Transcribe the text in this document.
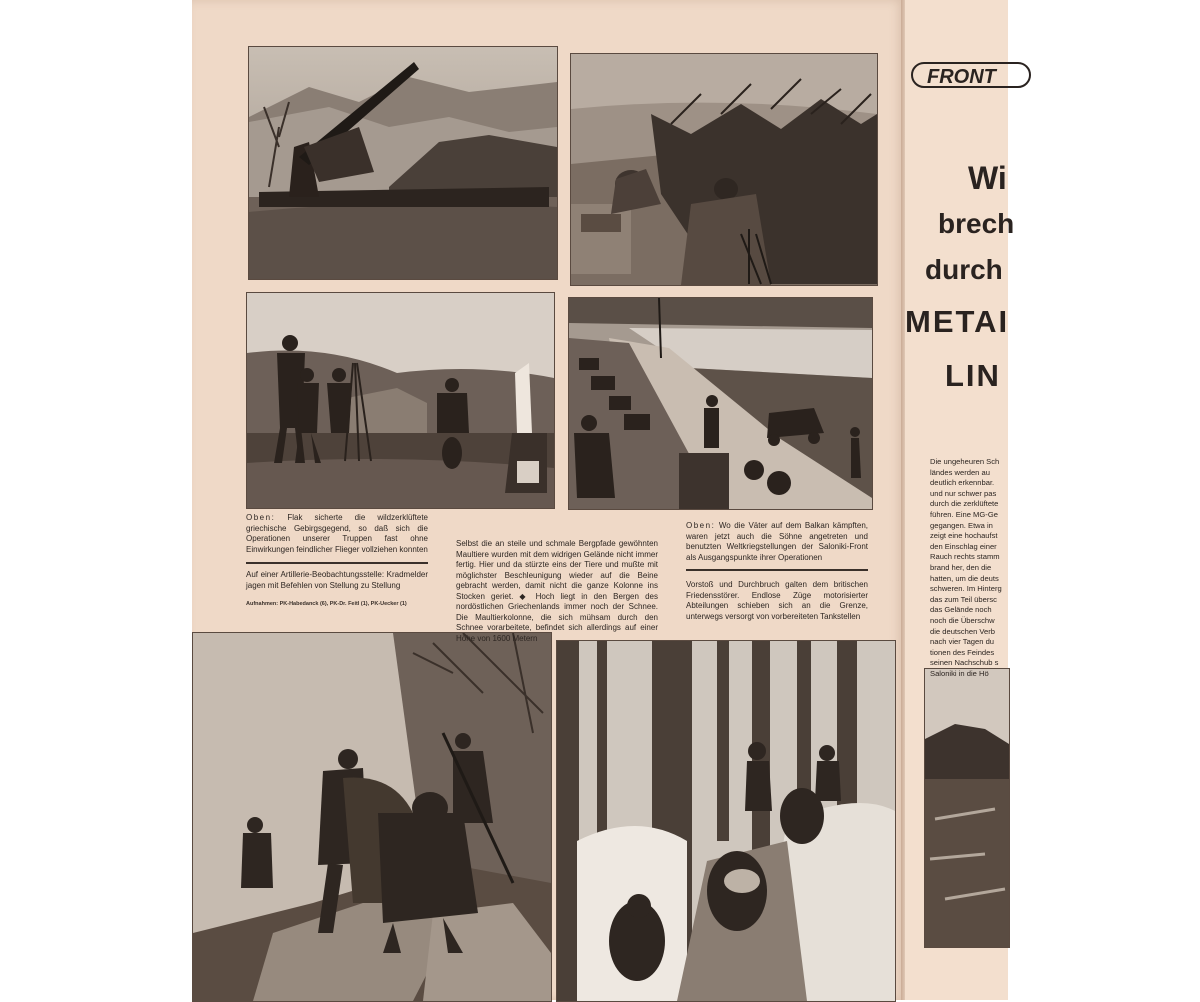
Oben: Flak sicherte die wildzerklüftete griechische Gebirgsgegend, so daß sich die Operationen unserer Truppen fast ohne Einwirkungen feindlicher Flieger vollziehen konnten
Auf einer Artillerie-Beobachtungsstelle: Kradmelder jagen mit Befehlen von Stellung zu Stellung
Aufnahmen: PK-Habedanck (6), PK-Dr. Feitl (1), PK-Uecker (1)
Selbst die an steile und schmale Bergpfade gewöhnten Maultiere wurden mit dem widrigen Gelände nicht immer fertig. Hier und da stürzte eins der Tiere und mußte mit möglichster Beschleunigung wieder auf die Beine gebracht werden, damit nicht die ganze Kolonne ins Stocken geriet. ◆ Hoch liegt in den Bergen des nordöstlichen Griechenlands immer noch der Schnee. Die Maultierkolonne, die sich mühsam durch den Schnee vorarbeitete, befindet sich allerdings auf einer Höhe von 1600 Metern
Oben: Wo die Väter auf dem Balkan kämpften, waren jetzt auch die Söhne angetreten und benutzten Weltkriegstellungen der Saloniki-Front als Ausgangspunkte ihrer Operationen
Vorstoß und Durchbruch galten dem britischen Friedensstörer. Endlose Züge motorisierter Abteilungen schieben sich an die Grenze, unterwegs versorgt von vorbereiteten Tankstellen
FRONT
Wi
brech
durch
METAI
LIN
Die ungeheuren Sch
ländes werden au
deutlich erkennbar.
und nur schwer pas
durch die zerklüftete
führen. Eine MG-Ge
gegangen. Etwa in
zeigt eine hochaufst
den Einschlag einer
Rauch rechts stamm
brand her, den die
hatten, um die deuts
schweren. Im Hinterg
das zum Teil übersc
das Gelände noch
noch die Überschw
die deutschen Verb
nach vier Tagen du
tionen des Feindes
seinen Nachschub s
Saloniki in die Hö
